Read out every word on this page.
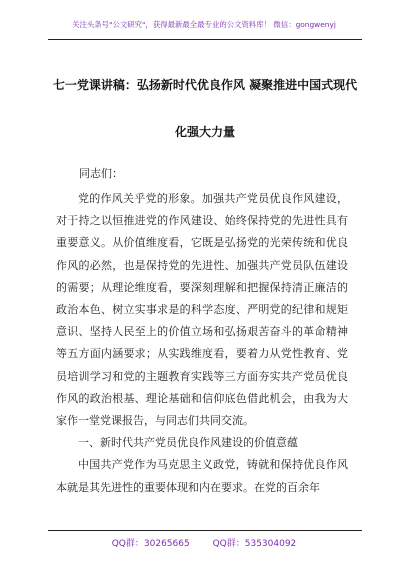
关注头条号"公文研究"，获得最新最全最专业的公文资料库！ 微信：gongwenyj
七一党课讲稿：弘扬新时代优良作风 凝聚推进中国式现代
化强大力量
同志们：

党的作风关乎党的形象。加强共产党员优良作风建设，对于持之以恒推进党的作风建设、始终保持党的先进性具有重要意义。从价值维度看，它既是弘扬党的光荣传统和优良作风的必然，也是保持党的先进性、加强共产党员队伍建设的需要；从理论维度看，要深刻理解和把握保持清正廉洁的政治本色、树立实事求是的科学态度、严明党的纪律和规矩意识、坚持人民至上的价值立场和弘扬艰苦奋斗的革命精神等五方面内涵要求；从实践维度看，要着力从党性教育、党员培训学习和党的主题教育实践等三方面夯实共产党员优良作风的政治根基、理论基础和信仰底色借此机会，由我为大家作一堂党课报告，与同志们共同交流。

一、新时代共产党员优良作风建设的价值意蕴

中国共产党作为马克思主义政党，铸就和保持优良作风本就是其先进性的重要体现和内在要求。在党的百余年

QQ群：30265665	QQ群：535304092
